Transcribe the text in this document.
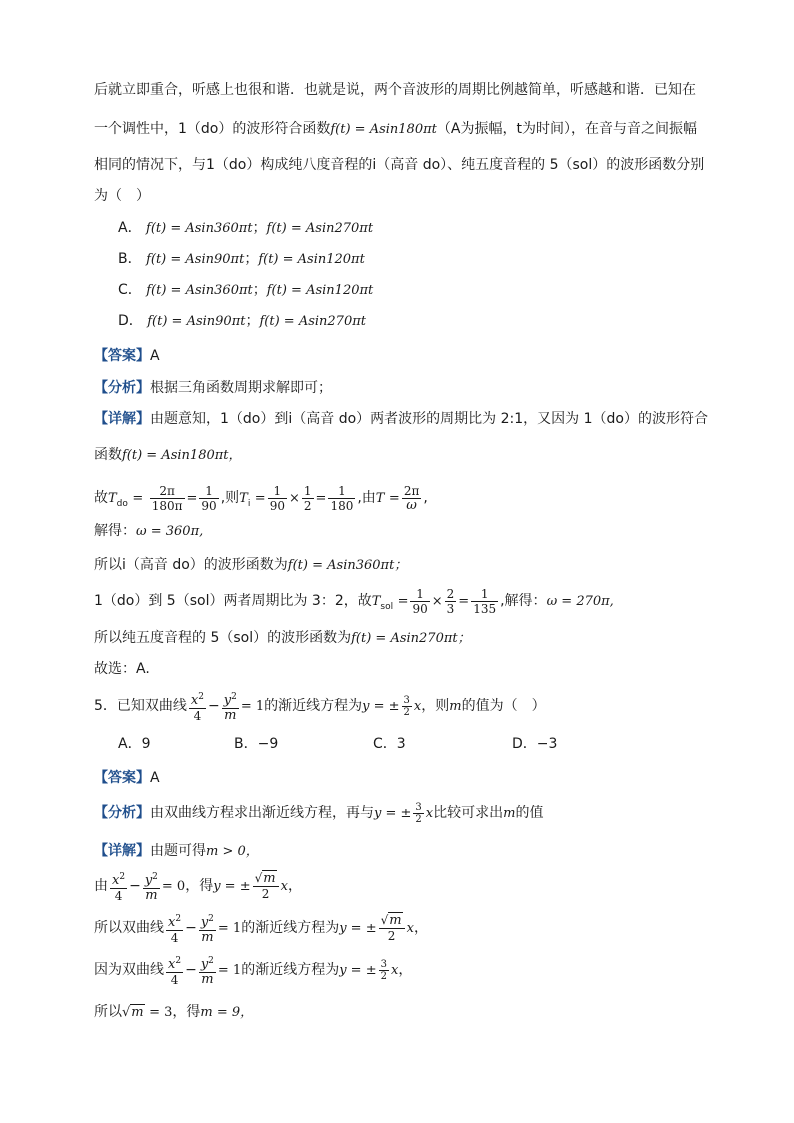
后就立即重合，听感上也很和谐．也就是说，两个音波形的周期比例越简单，听感越和谐．已知在
一个调性中，1（do）的波形符合函数f(t) = Asin180πt（A为振幅，t为时间），在音与音之间振幅
相同的情况下，与1（do）构成纯八度音程的ⅰ（高音 do）、纯五度音程的 5（sol）的波形函数分别
为（　）
A． f(t) = Asin360πt；f(t) = Asin270πt
B． f(t) = Asin90πt；f(t) = Asin120πt
C． f(t) = Asin360πt；f(t) = Asin120πt
D． f(t) = Asin90πt；f(t) = Asin270πt
【答案】A
【分析】根据三角函数周期求解即可；
【详解】由题意知，1（do）到ⅰ（高音 do）两者波形的周期比为 2:1，又因为 1（do）的波形符合
函数f(t) = Asin180πt，
故$T_{do} = \frac{2\pi}{180\pi} = \frac{1}{90}$ ,则$T_ⅰ = \frac{1}{90} \times \frac{1}{2} = \frac{1}{180}$ ,由$T = \frac{2\pi}{\omega}$ ,
解得：ω = 360π,
所以ⅰ（高音 do）的波形函数为f(t) = Asin360πt；
1（do）到 5（sol）两者周期比为 3：2，故$T_{sol} = \frac{1}{90} \times \frac{2}{3} = \frac{1}{135}$ ,解得：ω = 270π,
所以纯五度音程的 5（sol）的波形函数为f(t) = Asin270πt；
故选：A.
5．已知双曲线 $\frac{x^2}{4} - \frac{y^2}{m} = 1$的渐近线方程为y = ± $\frac{3}{2}$ x，则m的值为（　）
A．9	B．−9	C．3	D．−3
【答案】A
【分析】由双曲线方程求出渐近线方程，再与y = ± $\frac{3}{2}$ x比较可求出m的值
【详解】由题可得m > 0，
由 $\frac{x^2}{4} - \frac{y^2}{m} = 0$，得y = ± $\frac{√m}{2}$ x，
所以双曲线 $\frac{x^2}{4} - \frac{y^2}{m} = 1$的渐近线方程为y = ± $\frac{√m}{2}$ x，
因为双曲线 $\frac{x^2}{4} - \frac{y^2}{m} = 1$的渐近线方程为y = ± $\frac{3}{2}$ x，
所以√m = 3，得m = 9，
